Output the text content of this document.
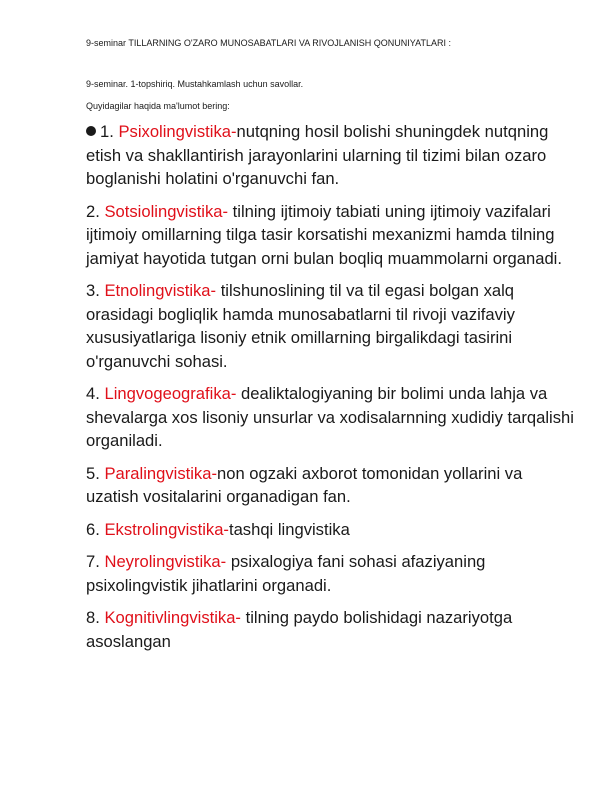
9-seminar TILLARNING O'ZARO MUNOSABATLARI VA RIVOJLANISH QONUNIYATLARI :
9-seminar. 1-topshiriq. Mustahkamlash uchun savollar.
Quyidagilar haqida ma'lumot bering:
1. Psixolingvistika-nutqning hosil bolishi shuningdek nutqning etish va shakllantirish jarayonlarini ularning til tizimi bilan ozaro boglanishi holatini o'rganuvchi fan.
2. Sotsiolingvistika- tilning ijtimoiy tabiati uning ijtimoiy vazifalari ijtimoiy omillarning tilga tasir korsatishi mexanizmi hamda tilning jamiyat hayotida tutgan orni bulan boqliq muammolarni organadi.
3. Etnolingvistika- tilshunoslining til va til egasi bolgan xalq orasidagi bogliqlik hamda munosabatlarni til rivoji vazifaviy xususiyatlariga lisoniy etnik omillarning birgalikdagi tasirini o'rganuvchi sohasi.
4. Lingvogeografika- dealiktalogiyaning bir bolimi unda lahja va shevalarga xos lisoniy unsurlar va xodisalarnning xudidiy tarqalishi organiladi.
5. Paralingvistika-non ogzaki axborot tomonidan yollarini va uzatish vositalarini organadigan fan.
6. Ekstrolingvistika-tashqi lingvistika
7. Neyrolingvistika- psixalogiya fani sohasi afaziyaning psixolingvistik jihatlarini organadi.
8. Kognitivlingvistika- tilning paydo bolishidagi nazariyotga asoslangan
